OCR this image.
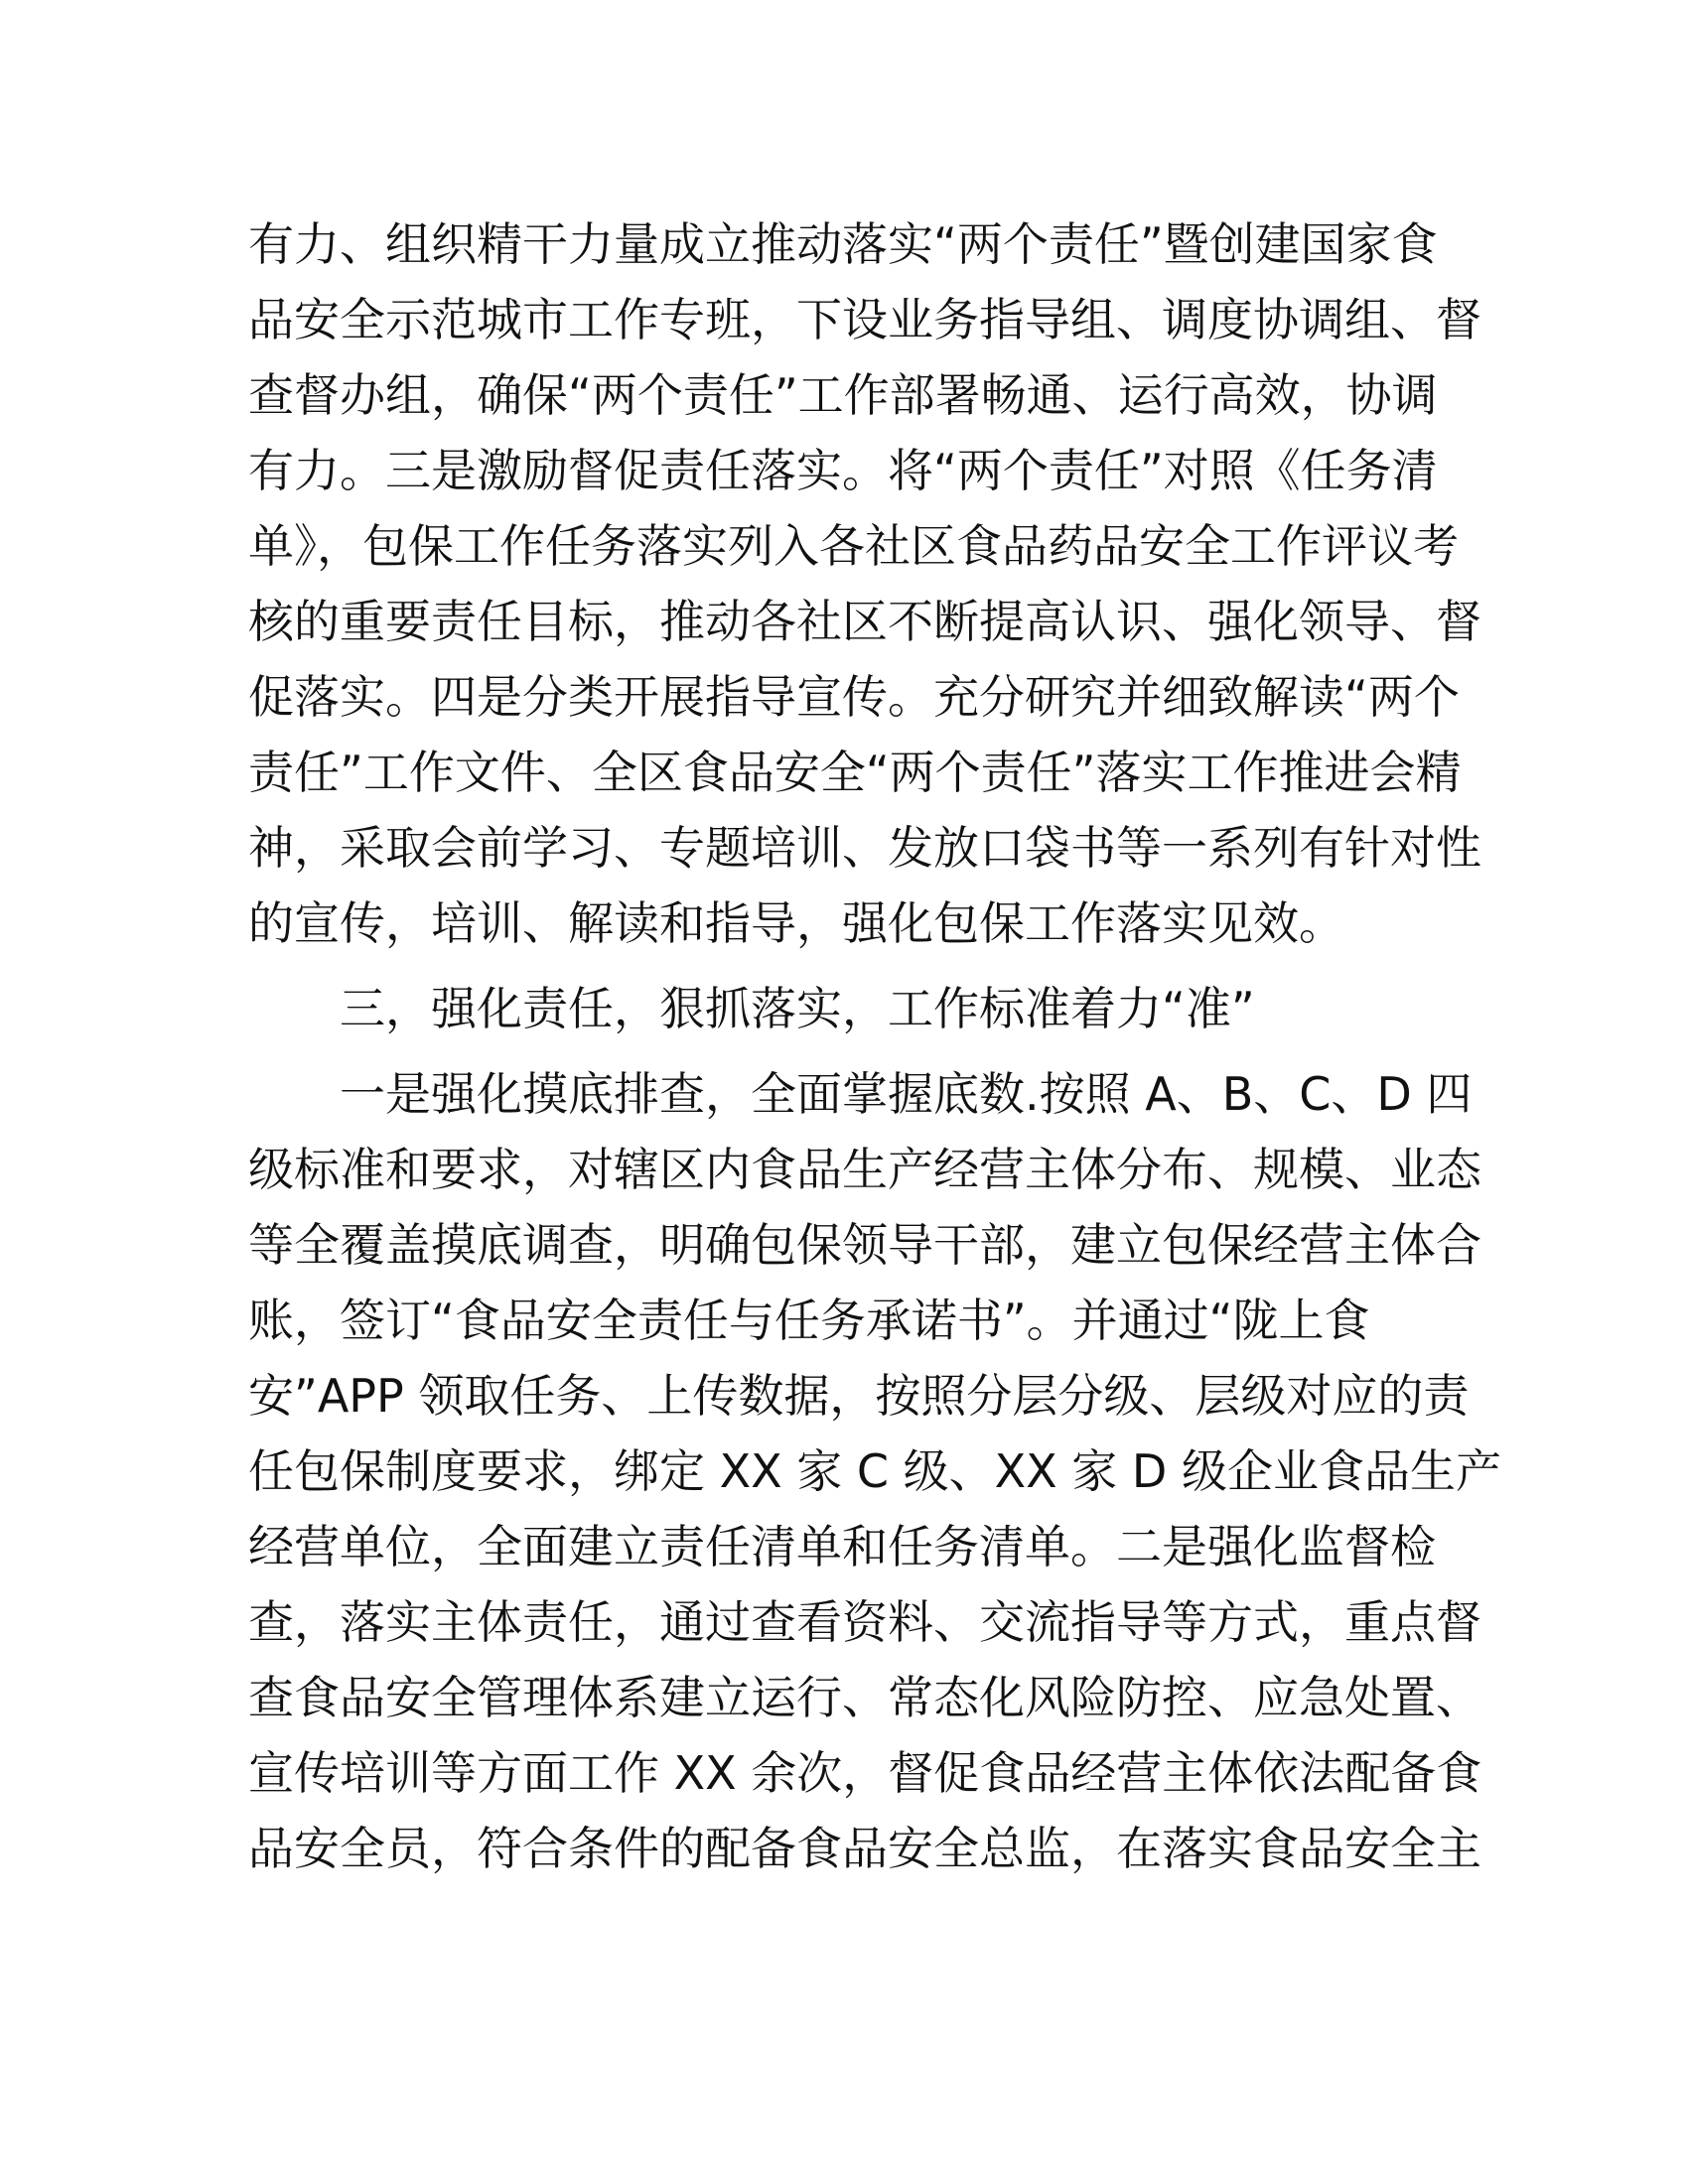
有力、组织精干力量成立推动落实“两个责任”暨创建国家食
品安全示范城市工作专班，下设业务指导组、调度协调组、督
查督办组，确保“两个责任”工作部署畅通、运行高效，协调
有力。三是激励督促责任落实。将“两个责任”对照《任务清
单》，包保工作任务落实列入各社区食品药品安全工作评议考
核的重要责任目标，推动各社区不断提高认识、强化领导、督
促落实。四是分类开展指导宣传。充分研究并细致解读“两个
责任”工作文件、全区食品安全“两个责任”落实工作推进会精
神，采取会前学习、专题培训、发放口袋书等一系列有针对性
的宣传，培训、解读和指导，强化包保工作落实见效。
三，强化责任，狠抓落实，工作标准着力“准”
一是强化摸底排查，全面掌握底数.按照 A、B、C、D 四
级标准和要求，对辖区内食品生产经营主体分布、规模、业态
等全覆盖摸底调查，明确包保领导干部，建立包保经营主体合
账，签订“食品安全责任与任务承诺书”。并通过“陇上食
安”APP 领取任务、上传数据，按照分层分级、层级对应的责
任包保制度要求，绑定 XX 家 C 级、XX 家 D 级企业食品生产
经营单位，全面建立责任清单和任务清单。二是强化监督检
查，落实主体责任，通过查看资料、交流指导等方式，重点督
查食品安全管理体系建立运行、常态化风险防控、应急处置、
宣传培训等方面工作 XX 余次，督促食品经营主体依法配备食
品安全员，符合条件的配备食品安全总监，在落实食品安全主
